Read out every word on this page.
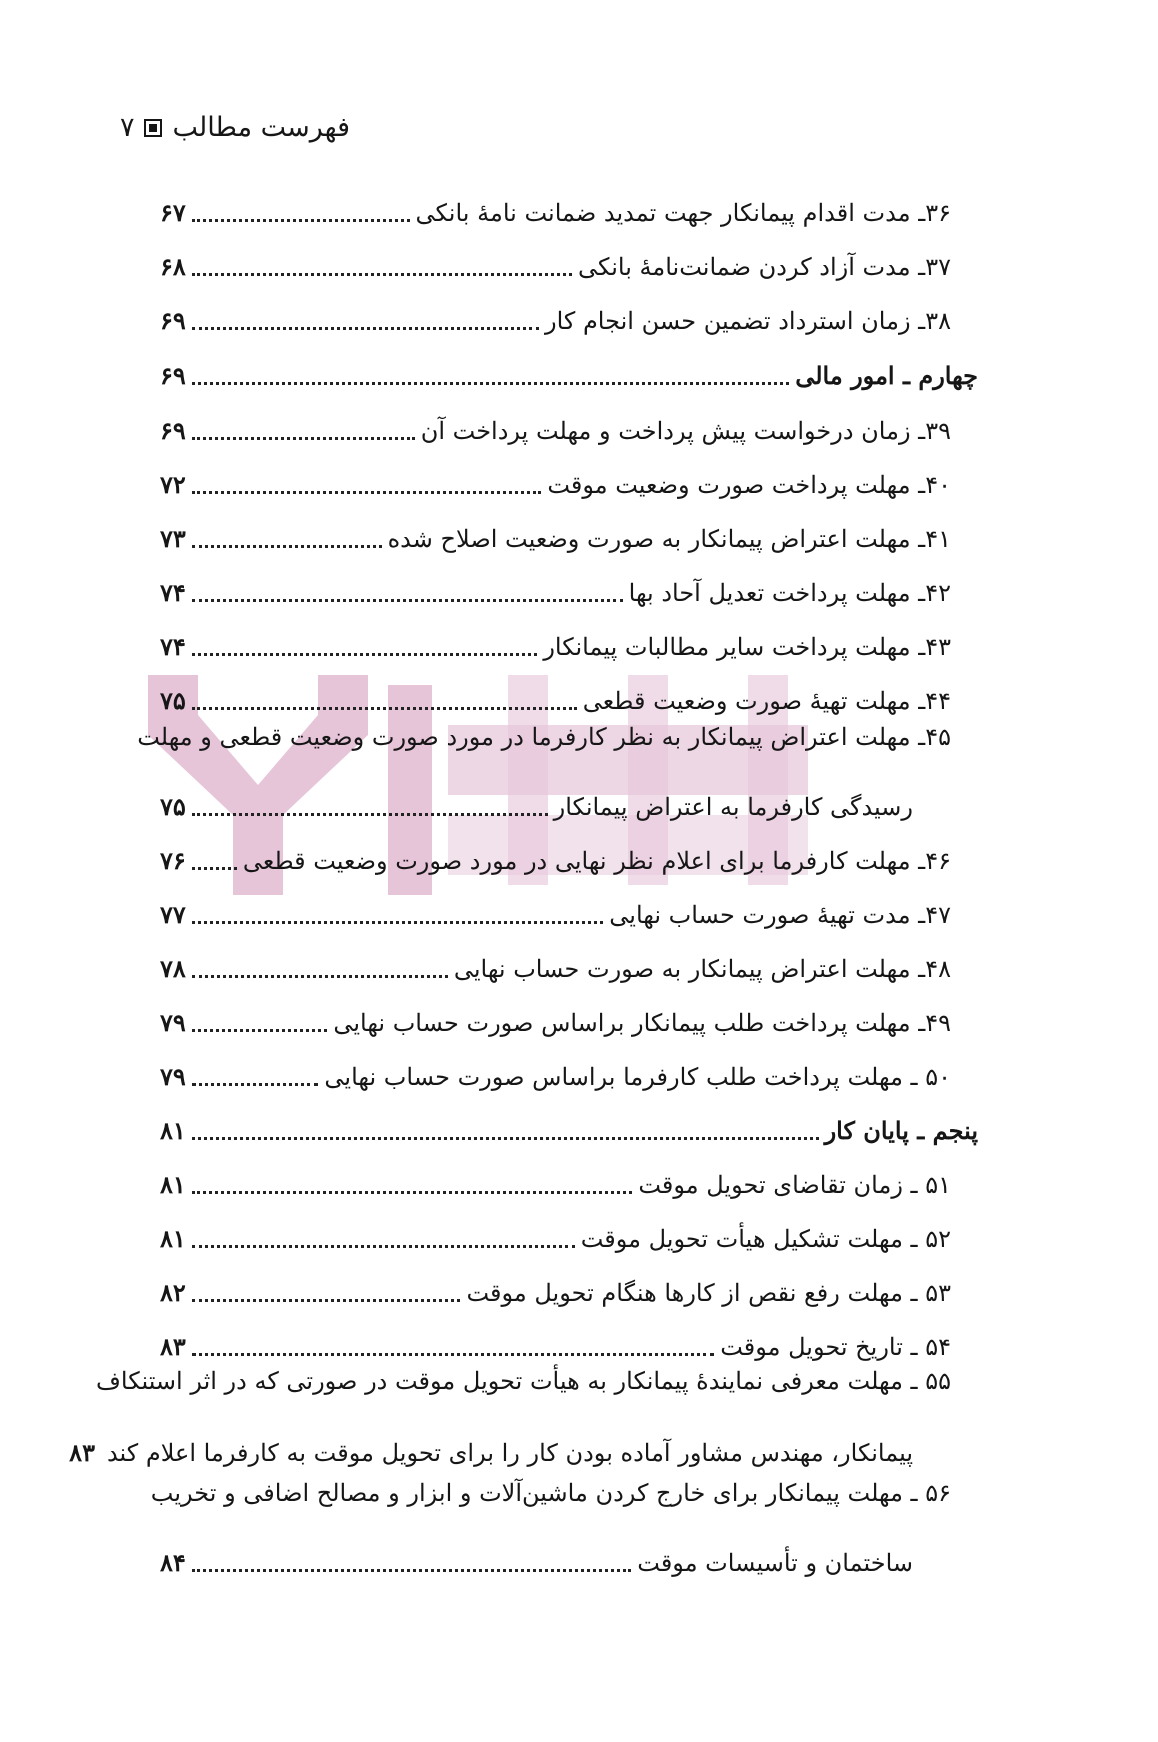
فهرست مطالب
۷
۳۶ـ مدت اقدام پیمانکار جهت تمدید ضمانت نامهٔ بانکی
۶۷
۳۷ـ مدت آزاد کردن ضمانت‌نامهٔ بانکی
۶۸
۳۸ـ زمان استرداد تضمین حسن انجام کار
۶۹
چهارم ـ امور مالی
۶۹
۳۹ـ زمان درخواست پیش پرداخت و مهلت پرداخت آن
۶۹
۴۰ـ مهلت پرداخت صورت وضعیت موقت
۷۲
۴۱ـ مهلت اعتراض پیمانکار به صورت وضعیت اصلاح شده
۷۳
۴۲ـ مهلت پرداخت تعدیل آحاد بها
۷۴
۴۳ـ مهلت پرداخت سایر مطالبات پیمانکار
۷۴
۴۴ـ مهلت تهیهٔ صورت وضعیت قطعی
۷۵
۴۵ـ مهلت اعتراض پیمانکار به نظر کارفرما در مورد صورت وضعیت قطعی و مهلت
رسیدگی کارفرما به اعتراض پیمانکار
۷۵
۴۶ـ مهلت کارفرما برای اعلام نظر نهایی در مورد صورت وضعیت قطعی
۷۶
۴۷ـ مدت تهیهٔ صورت حساب نهایی
۷۷
۴۸ـ مهلت اعتراض پیمانکار به صورت حساب نهایی
۷۸
۴۹ـ مهلت پرداخت طلب پیمانکار براساس صورت حساب نهایی
۷۹
۵۰ ـ مهلت پرداخت طلب کارفرما براساس صورت حساب نهایی
۷۹
پنجم ـ پایان کار
۸۱
۵۱ ـ زمان تقاضای تحویل موقت
۸۱
۵۲ ـ مهلت تشکیل هیأت تحویل موقت
۸۱
۵۳ ـ مهلت رفع نقص از کارها هنگام تحویل موقت
۸۲
۵۴ ـ تاریخ تحویل موقت
۸۳
۵۵ ـ مهلت معرفی نمایندهٔ پیمانکار به هیأت تحویل موقت در صورتی که در اثر استنکاف
پیمانکار، مهندس مشاور آماده بودن کار را برای تحویل موقت به کارفرما اعلام کند
۸۳
۵۶ ـ مهلت پیمانکار برای خارج کردن ماشین‌آلات و ابزار و مصالح اضافی و تخریب
ساختمان و تأسیسات موقت
۸۴
